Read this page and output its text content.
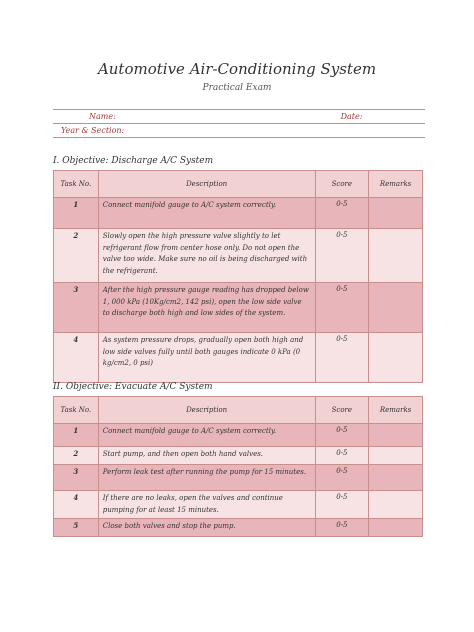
Automotive Air-Conditioning System
Practical Exam
Name:	Date:
Year & Section:
I. Objective: Discharge A/C System
Task No.	Description	Score	Remarks
1	Connect manifold gauge to A/C system correctly.	0-5	
2	Slowly open the high pressure valve slightly to let refrigerant flow from center hose only. Do not open the valve too wide. Make sure no oil is being discharged with the refrigerant.	0-5	
3	After the high pressure gauge reading has dropped below 1, 000 kPa (10Kg/cm2, 142 psi), open the low side valve to discharge both high and low sides of the system.	0-5	
4	As system pressure drops, gradually open both high and low side valves fully until both gauges indicate 0 kPa (0 kg/cm2, 0 psi)	0-5	
II. Objective: Evacuate A/C System
Task No.	Description	Score	Remarks
1	Connect manifold gauge to A/C system correctly.	0-5	
2	Start pump, and then open both hand valves.	0-5	
3	Perform leak test after running the pump for 15 minutes.	0-5	
4	If there are no leaks, open the valves and continue pumping for at least 15 minutes.	0-5	
5	Close both valves and stop the pump.	0-5	
